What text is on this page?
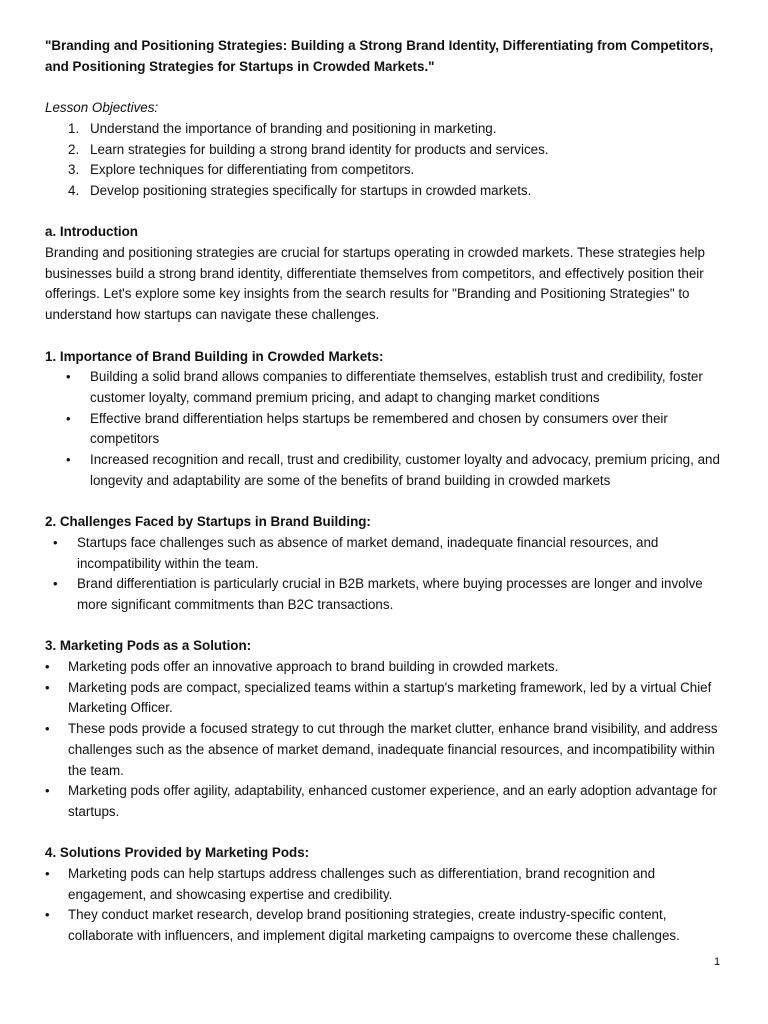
"Branding and Positioning Strategies: Building a Strong Brand Identity, Differentiating from Competitors, and Positioning Strategies for Startups in Crowded Markets."

Lesson Objectives:

1. Understand the importance of branding and positioning in marketing.
2. Learn strategies for building a strong brand identity for products and services.
3. Explore techniques for differentiating from competitors.
4. Develop positioning strategies specifically for startups in crowded markets.

a. Introduction

Branding and positioning strategies are crucial for startups operating in crowded markets. These strategies help businesses build a strong brand identity, differentiate themselves from competitors, and effectively position their offerings. Let's explore some key insights from the search results for "Branding and Positioning Strategies" to understand how startups can navigate these challenges.

1. Importance of Brand Building in Crowded Markets:

• Building a solid brand allows companies to differentiate themselves, establish trust and credibility, foster customer loyalty, command premium pricing, and adapt to changing market conditions
• Effective brand differentiation helps startups be remembered and chosen by consumers over their competitors
• Increased recognition and recall, trust and credibility, customer loyalty and advocacy, premium pricing, and longevity and adaptability are some of the benefits of brand building in crowded markets

2. Challenges Faced by Startups in Brand Building:

• Startups face challenges such as absence of market demand, inadequate financial resources, and incompatibility within the team.
• Brand differentiation is particularly crucial in B2B markets, where buying processes are longer and involve more significant commitments than B2C transactions.

3. Marketing Pods as a Solution:

• Marketing pods offer an innovative approach to brand building in crowded markets.
• Marketing pods are compact, specialized teams within a startup's marketing framework, led by a virtual Chief Marketing Officer.
• These pods provide a focused strategy to cut through the market clutter, enhance brand visibility, and address challenges such as the absence of market demand, inadequate financial resources, and incompatibility within the team.
• Marketing pods offer agility, adaptability, enhanced customer experience, and an early adoption advantage for startups.

4. Solutions Provided by Marketing Pods:

• Marketing pods can help startups address challenges such as differentiation, brand recognition and engagement, and showcasing expertise and credibility.
• They conduct market research, develop brand positioning strategies, create industry-specific content, collaborate with influencers, and implement digital marketing campaigns to overcome these challenges.
1
